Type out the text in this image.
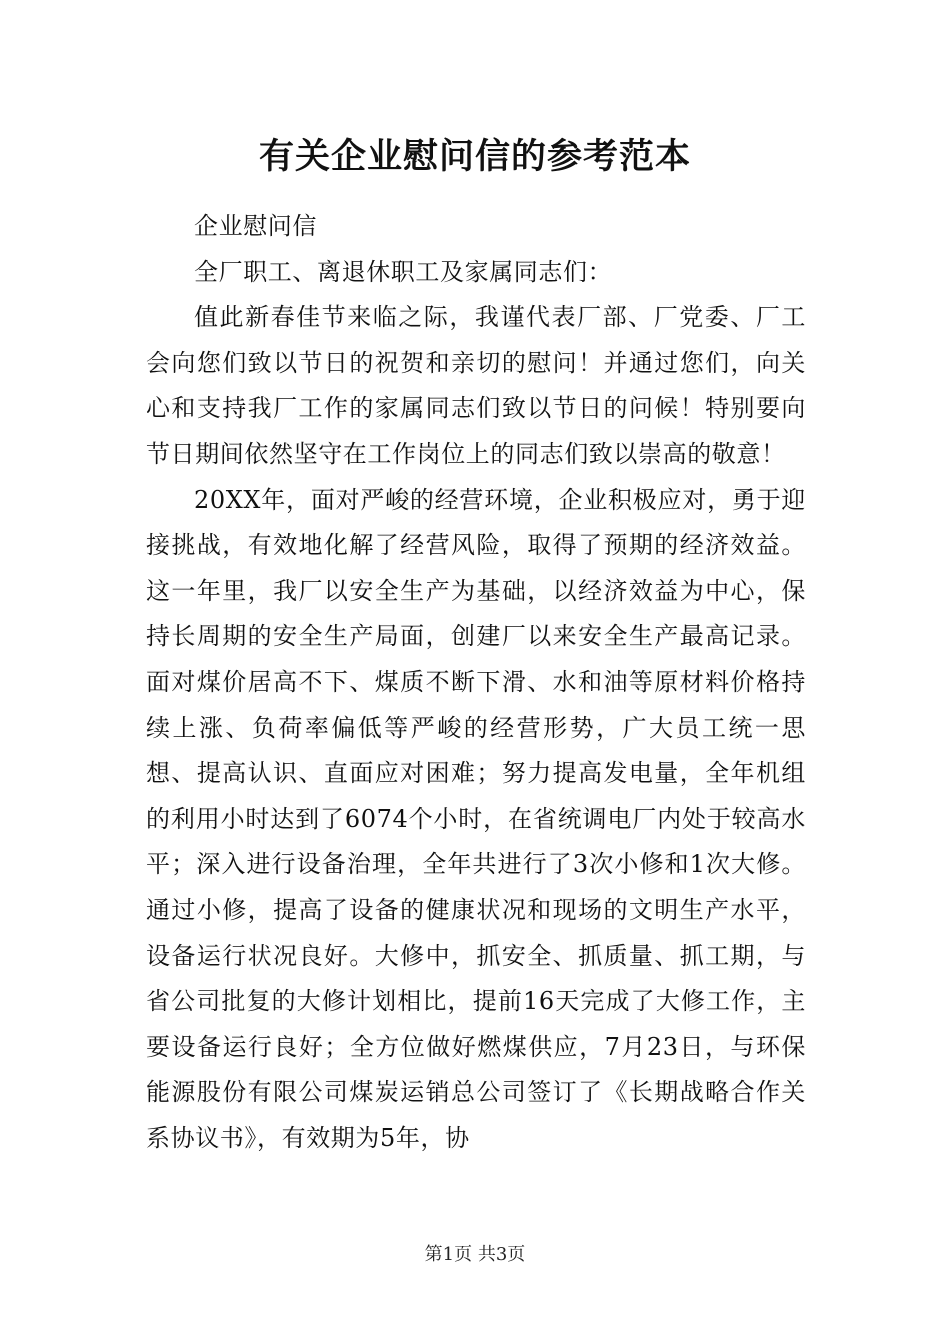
有关企业慰问信的参考范本

企业慰问信

全厂职工、离退休职工及家属同志们：

值此新春佳节来临之际，我谨代表厂部、厂党委、厂工会向您们致以节日的祝贺和亲切的慰问！并通过您们，向关心和支持我厂工作的家属同志们致以节日的问候！特别要向节日期间依然坚守在工作岗位上的同志们致以崇高的敬意！

20XX年，面对严峻的经营环境，企业积极应对，勇于迎接挑战，有效地化解了经营风险，取得了预期的经济效益。这一年里，我厂以安全生产为基础，以经济效益为中心，保持长周期的安全生产局面，创建厂以来安全生产最高记录。面对煤价居高不下、煤质不断下滑、水和油等原材料价格持续上涨、负荷率偏低等严峻的经营形势，广大员工统一思想、提高认识、直面应对困难；努力提高发电量，全年机组的利用小时达到了6074个小时，在省统调电厂内处于较高水平；深入进行设备治理，全年共进行了3次小修和1次大修。通过小修，提高了设备的健康状况和现场的文明生产水平，设备运行状况良好。大修中，抓安全、抓质量、抓工期，与省公司批复的大修计划相比，提前16天完成了大修工作，主要设备运行良好；全方位做好燃煤供应，7月23日，与环保能源股份有限公司煤炭运销总公司签订了《长期战略合作关系协议书》，有效期为5年，协

第1页 共3页
